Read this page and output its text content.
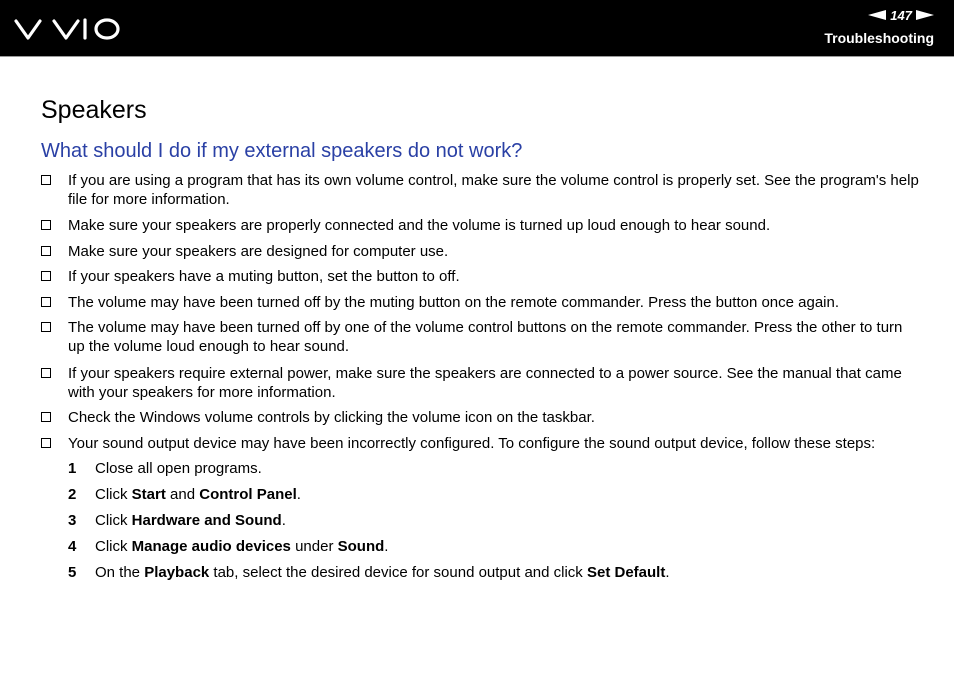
147
Troubleshooting
Speakers
What should I do if my external speakers do not work?
If you are using a program that has its own volume control, make sure the volume control is properly set. See the program's help file for more information.
Make sure your speakers are properly connected and the volume is turned up loud enough to hear sound.
Make sure your speakers are designed for computer use.
If your speakers have a muting button, set the button to off.
The volume may have been turned off by the muting button on the remote commander. Press the button once again.
The volume may have been turned off by one of the volume control buttons on the remote commander. Press the other to turn up the volume loud enough to hear sound.
If your speakers require external power, make sure the speakers are connected to a power source. See the manual that came with your speakers for more information.
Check the Windows volume controls by clicking the volume icon on the taskbar.
Your sound output device may have been incorrectly configured. To configure the sound output device, follow these steps:
1 Close all open programs.
2 Click Start and Control Panel.
3 Click Hardware and Sound.
4 Click Manage audio devices under Sound.
5 On the Playback tab, select the desired device for sound output and click Set Default.
